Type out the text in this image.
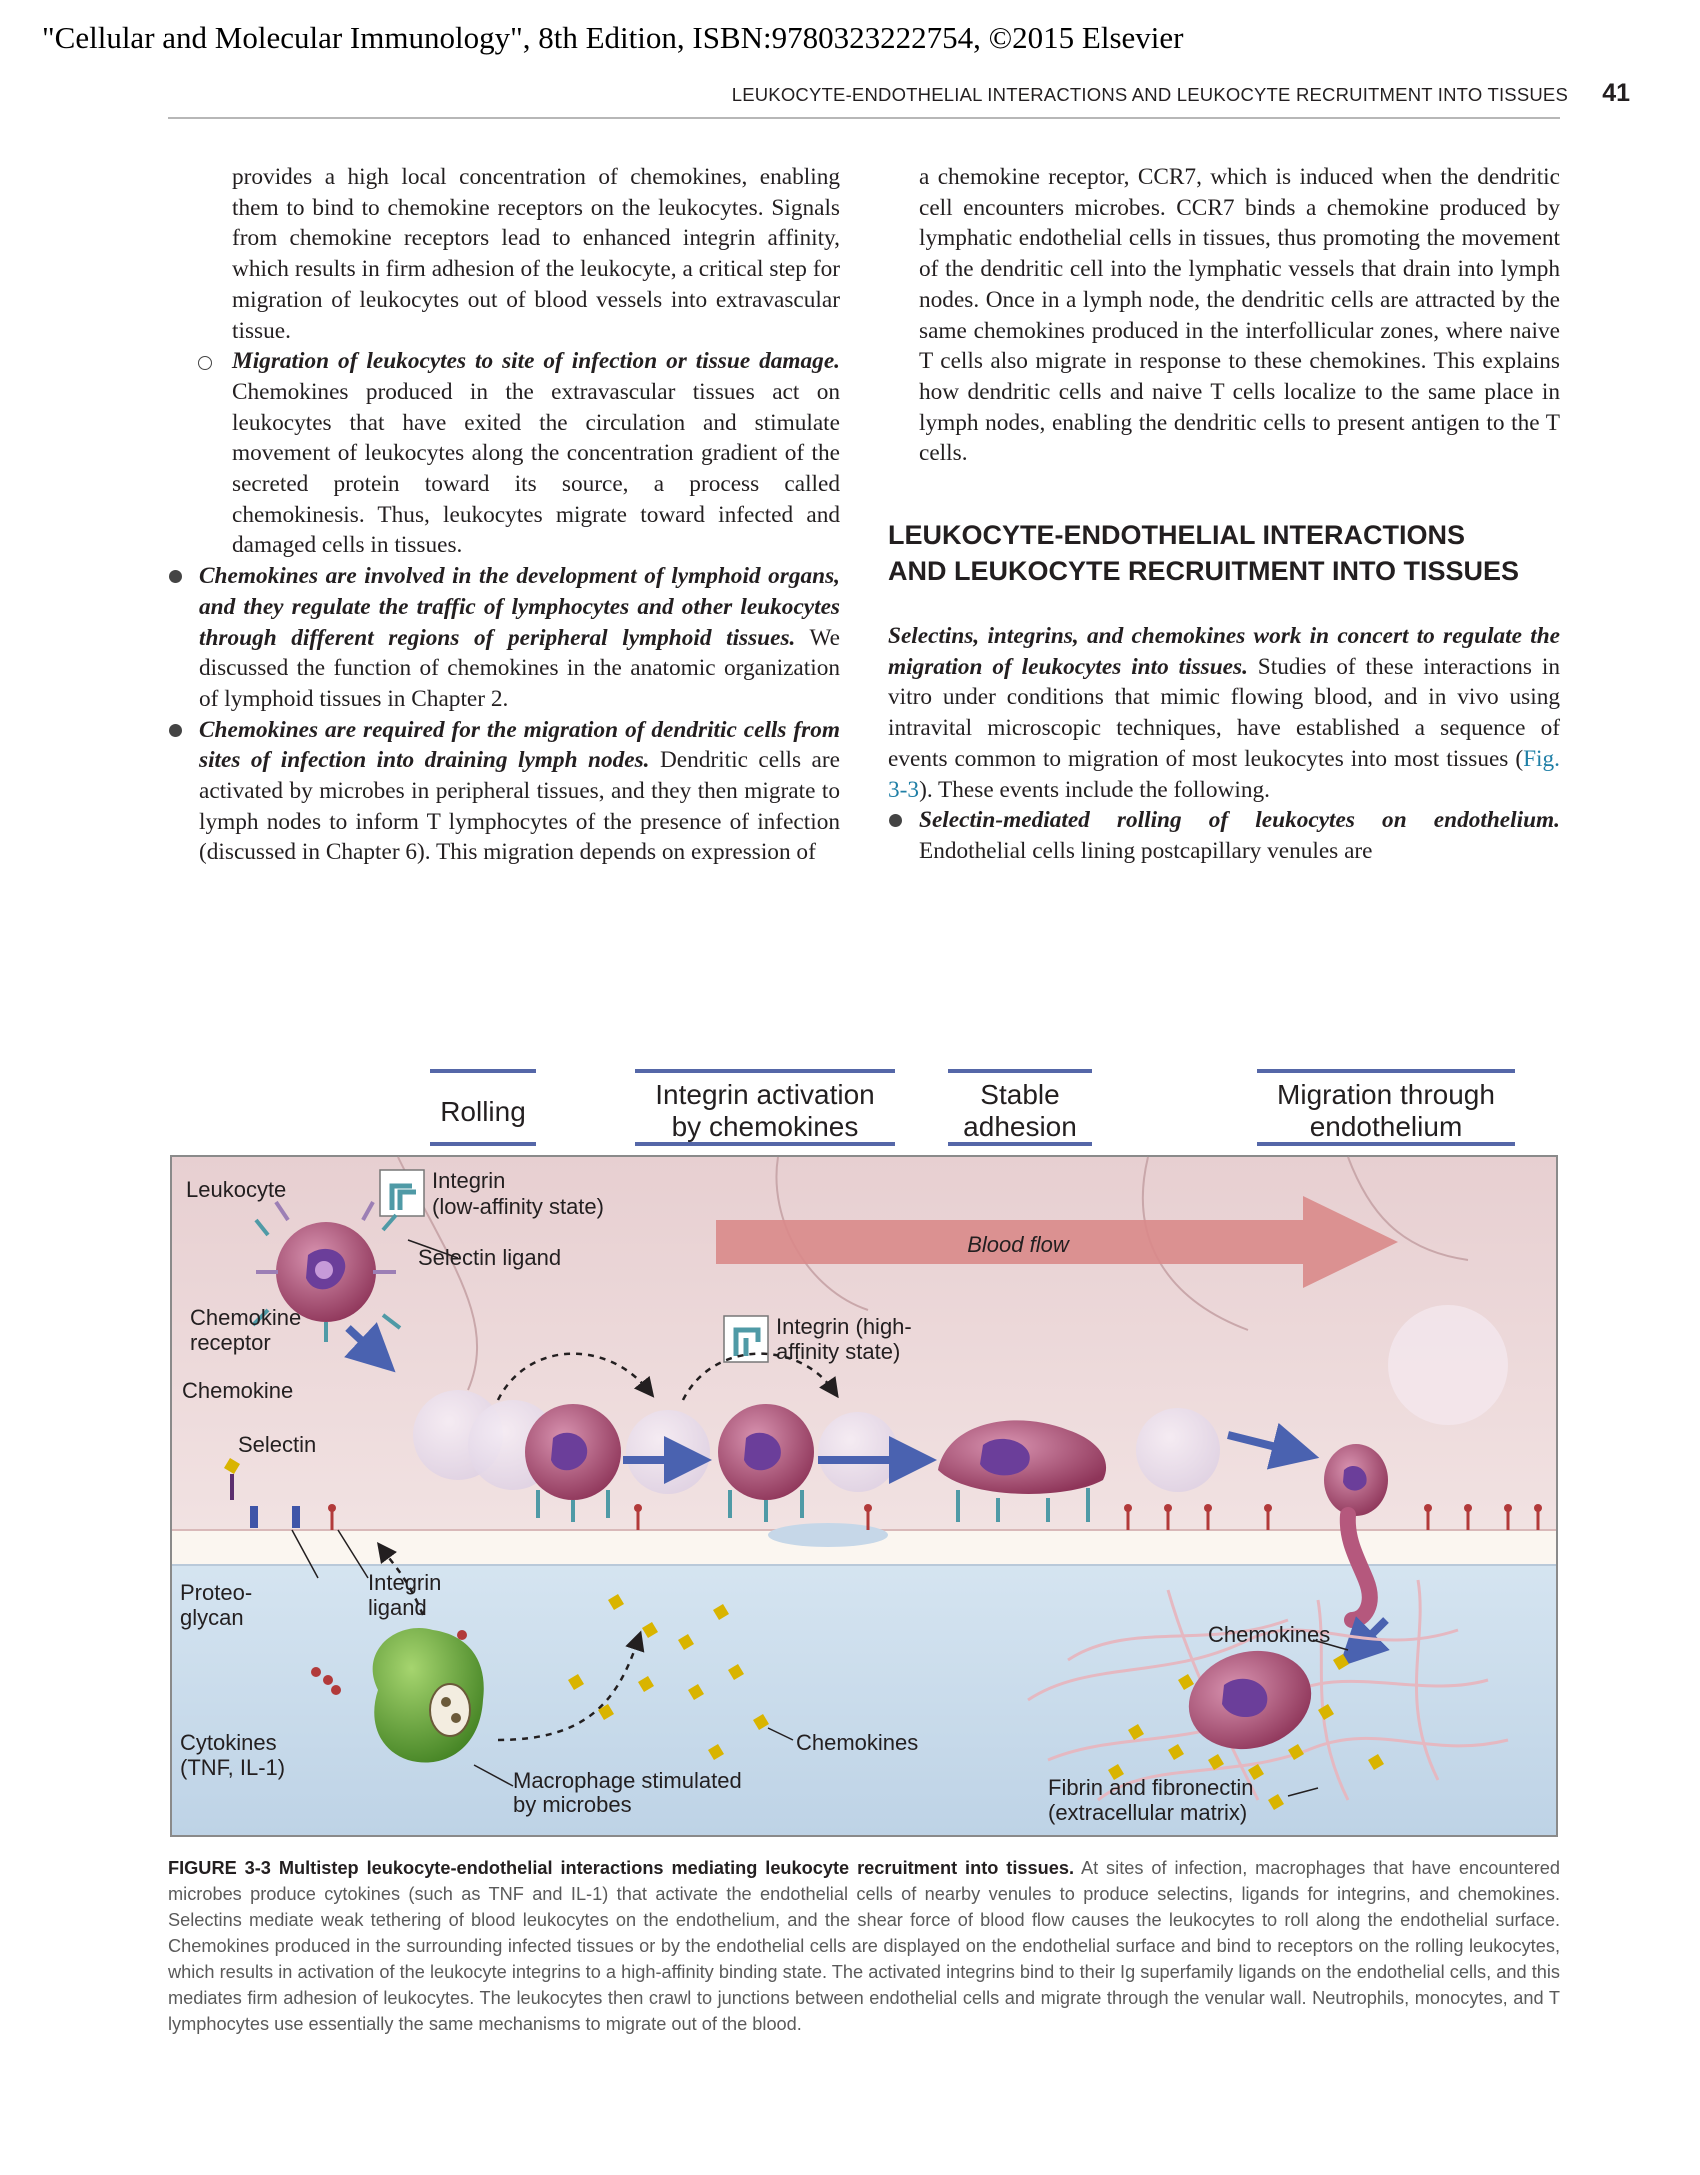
"Cellular and Molecular Immunology", 8th Edition, ISBN:9780323222754, ©2015 Elsevier
LEUKOCYTE-ENDOTHELIAL INTERACTIONS AND LEUKOCYTE RECRUITMENT INTO TISSUES 41

provides a high local concentration of chemokines, enabling them to bind to chemokine receptors on the leukocytes. Signals from chemokine receptors lead to enhanced integrin affinity, which results in firm adhesion of the leukocyte, a critical step for migration of leukocytes out of blood vessels into extravascular tissue.

Migration of leukocytes to site of infection or tissue damage. Chemokines produced in the extravascular tissues act on leukocytes that have exited the circulation and stimulate movement of leukocytes along the concentration gradient of the secreted protein toward its source, a process called chemokinesis. Thus, leukocytes migrate toward infected and damaged cells in tissues.

Chemokines are involved in the development of lymphoid organs, and they regulate the traffic of lymphocytes and other leukocytes through different regions of peripheral lymphoid tissues. We discussed the function of chemokines in the anatomic organization of lymphoid tissues in Chapter 2.

Chemokines are required for the migration of dendritic cells from sites of infection into draining lymph nodes. Dendritic cells are activated by microbes in peripheral tissues, and they then migrate to lymph nodes to inform T lymphocytes of the presence of infection (discussed in Chapter 6). This migration depends on expression of

a chemokine receptor, CCR7, which is induced when the dendritic cell encounters microbes. CCR7 binds a chemokine produced by lymphatic endothelial cells in tissues, thus promoting the movement of the dendritic cell into the lymphatic vessels that drain into lymph nodes. Once in a lymph node, the dendritic cells are attracted by the same chemokines produced in the interfollicular zones, where naive T cells also migrate in response to these chemokines. This explains how dendritic cells and naive T cells localize to the same place in lymph nodes, enabling the dendritic cells to present antigen to the T cells.

LEUKOCYTE-ENDOTHELIAL INTERACTIONS
AND LEUKOCYTE RECRUITMENT INTO TISSUES

Selectins, integrins, and chemokines work in concert to regulate the migration of leukocytes into tissues. Studies of these interactions in vitro under conditions that mimic flowing blood, and in vivo using intravital microscopic techniques, have established a sequence of events common to migration of most leukocytes into most tissues (Fig. 3-3). These events include the following.

Selectin-mediated rolling of leukocytes on endothelium. Endothelial cells lining postcapillary venules are

Rolling
Integrin activation
by chemokines
Stable
adhesion
Migration through
endothelium
Blood flow
Integrin
(low-affinity state)
Leukocyte
Selectin ligand
Chemokine
receptor
Chemokine
Selectin
Integrin (high-
affinity state)
Proteo-
glycan
Integrin
ligand
Cytokines
(TNF, IL-1)
Macrophage stimulated
by microbes
Chemokines
Chemokines
Fibrin and fibronectin
(extracellular matrix)
FIGURE 3-3 Multistep leukocyte-endothelial interactions mediating leukocyte recruitment into tissues. At sites of infection, macrophages that have encountered microbes produce cytokines (such as TNF and IL-1) that activate the endothelial cells of nearby venules to produce selectins, ligands for integrins, and chemokines. Selectins mediate weak tethering of blood leukocytes on the endothelium, and the shear force of blood flow causes the leukocytes to roll along the endothelial surface. Chemokines produced in the surrounding infected tissues or by the endothelial cells are displayed on the endothelial surface and bind to receptors on the rolling leukocytes, which results in activation of the leukocyte integrins to a high-affinity binding state. The activated integrins bind to their Ig superfamily ligands on the endothelial cells, and this mediates firm adhesion of leukocytes. The leukocytes then crawl to junctions between endothelial cells and migrate through the venular wall. Neutrophils, monocytes, and T lymphocytes use essentially the same mechanisms to migrate out of the blood.
